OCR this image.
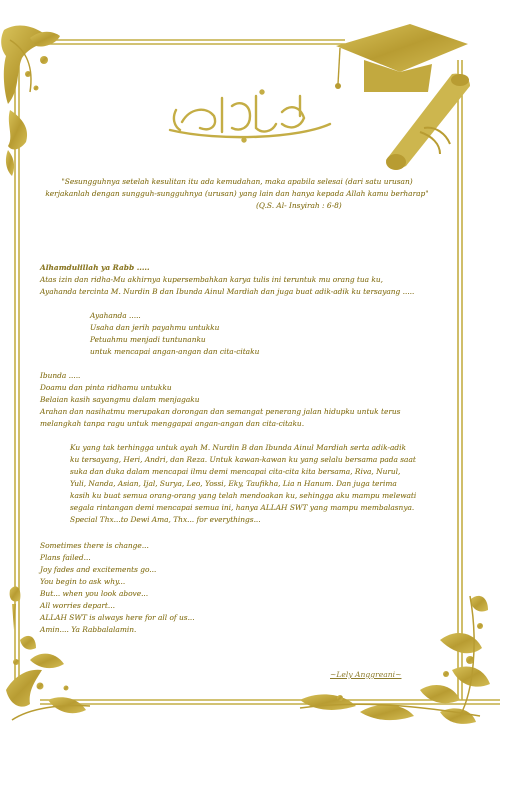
"Sesungguhnya setelah kesulitan itu ada kemudahan, maka apabila selesai (dari satu urusan)
kerjakanlah dengan sungguh-sungguhnya (urusan) yang lain dan hanya kepada Allah kamu berharap"
(Q.S. Al- Insyirah : 6-8)
Alhamdulillah ya Rabb .....
Atas izin dan ridha-Mu akhirnya kupersembahkan karya tulis ini teruntuk mu orang tua ku,
Ayahanda tercinta M. Nurdin B dan Ibunda Ainul Mardiah dan juga buat adik-adik ku tersayang .....
Ayahanda .....
Usaha dan jerih payahmu untukku
Petuahmu menjadi tuntunanku
untuk mencapai angan-angan dan cita-citaku
Ibunda .....
Doamu dan pinta ridhamu untukku
Belaian kasih sayangmu dalam menjagaku
Arahan dan nasihatmu merupakan dorongan dan semangat penerang jalan hidupku untuk terus
melangkah tanpa ragu untuk menggapai angan-angan dan cita-citaku.
Ku yang tak terhingga untuk ayah M. Nurdin B dan Ibunda Ainul Mardiah serta adik-adik
ku tersayang, Heri, Andri, dan Reza. Untuk kawan-kawan ku yang selalu bersama pada saat
suka dan duka dalam mencapai ilmu demi mencapai cita-cita kita bersama, Riva, Nurul,
Yuli, Nanda, Asian, Ijal, Surya, Leo, Yossi, Eky, Taufikha, Lia n Hanum. Dan juga terima
kasih ku buat semua orang-orang yang telah mendoakan ku, sehingga aku mampu melewati
segala rintangan demi mencapai semua ini, hanya ALLAH SWT yang mampu membalasnya.
Special Thx...to Dewi Ama, Thx... for everythings...
Sometimes there is change...
Plans failed...
Joy fades and excitements go...
You begin to ask why...
But... when you look above...
All worries depart...
ALLAH SWT is always here for all of us...
Amin.... Ya Rabbalalamin.
~Lely Anggreani~
